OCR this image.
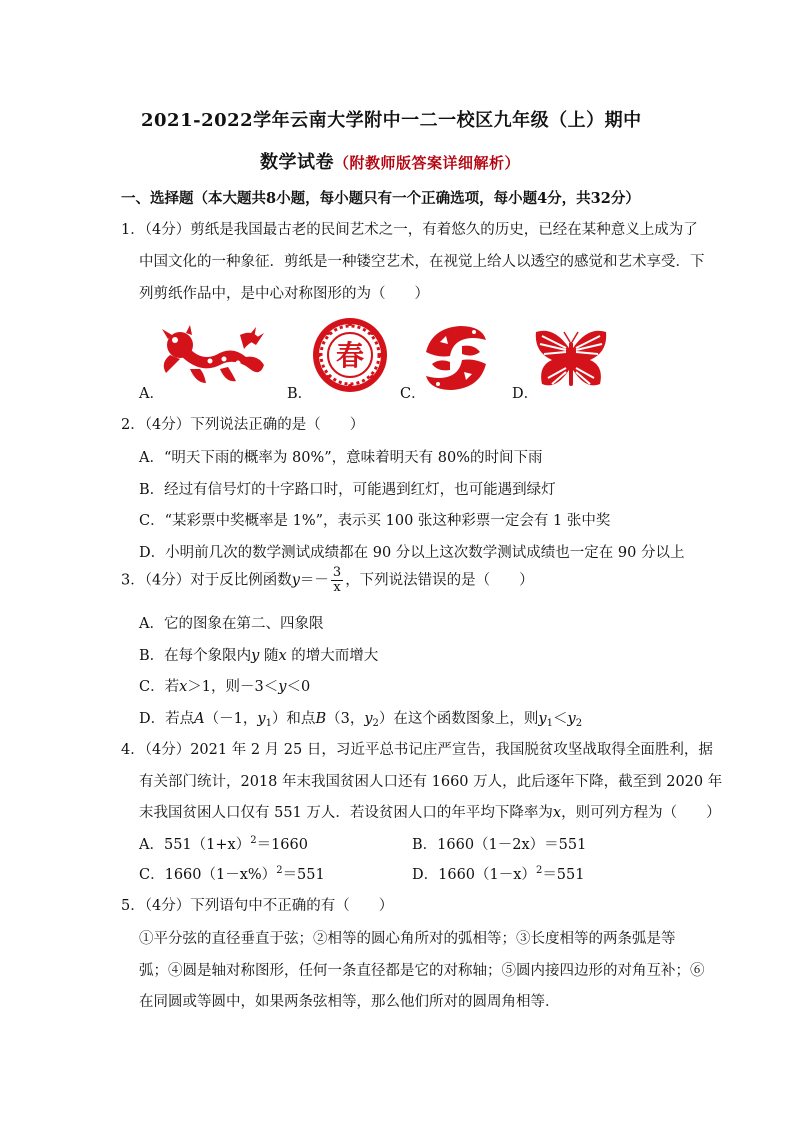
2021-2022学年云南大学附中一二一校区九年级（上）期中
数学试卷（附教师版答案详细解析）
一、选择题（本大题共8小题，每小题只有一个正确选项，每小题4分，共32分）
1．（4分）剪纸是我国最古老的民间艺术之一，有着悠久的历史，已经在某种意义上成为了
中国文化的一种象征．剪纸是一种镂空艺术，在视觉上给人以透空的感觉和艺术享受．下
列剪纸作品中，是中心对称图形的为（　　）
A．	B．
春
C．	D．
2．（4分）下列说法正确的是（　　）
A．“明天下雨的概率为 80%”，意味着明天有 80%的时间下雨
B．经过有信号灯的十字路口时，可能遇到红灯，也可能遇到绿灯
C．“某彩票中奖概率是 1%”，表示买 100 张这种彩票一定会有 1 张中奖
D．小明前几次的数学测试成绩都在 90 分以上这次数学测试成绩也一定在 90 分以上
3．（4分）对于反比例函数$y=- \frac{3}{x}$ ，下列说法错误的是（　　）
A．它的图象在第二、四象限
B．在每个象限内y 随x 的增大而增大
C．若x＞1，则－3＜y＜0
D．若点A（－1，$y_1$）和点B（3，$y_2$）在这个函数图象上，则$y_1<y_2$
4．（4分）2021 年 2 月 25 日，习近平总书记庄严宣告，我国脱贫攻坚战取得全面胜利，据
有关部门统计，2018 年末我国贫困人口还有 1660 万人，此后逐年下降，截至到 2020 年
末我国贫困人口仅有 551 万人．若设贫困人口的年平均下降率为x，则可列方程为（　　）
A．$551(1+x)^2=1660$	B．1660（1－2x）＝551
C．$1660(1-x\%)^2=551$	D．$1660(1-x)^2=551$
5．（4分）下列语句中不正确的有（　　）
①平分弦的直径垂直于弦；②相等的圆心角所对的弧相等；③长度相等的两条弧是等
弧；④圆是轴对称图形，任何一条直径都是它的对称轴；⑤圆内接四边形的对角互补；⑥
在同圆或等圆中，如果两条弦相等，那么他们所对的圆周角相等．
